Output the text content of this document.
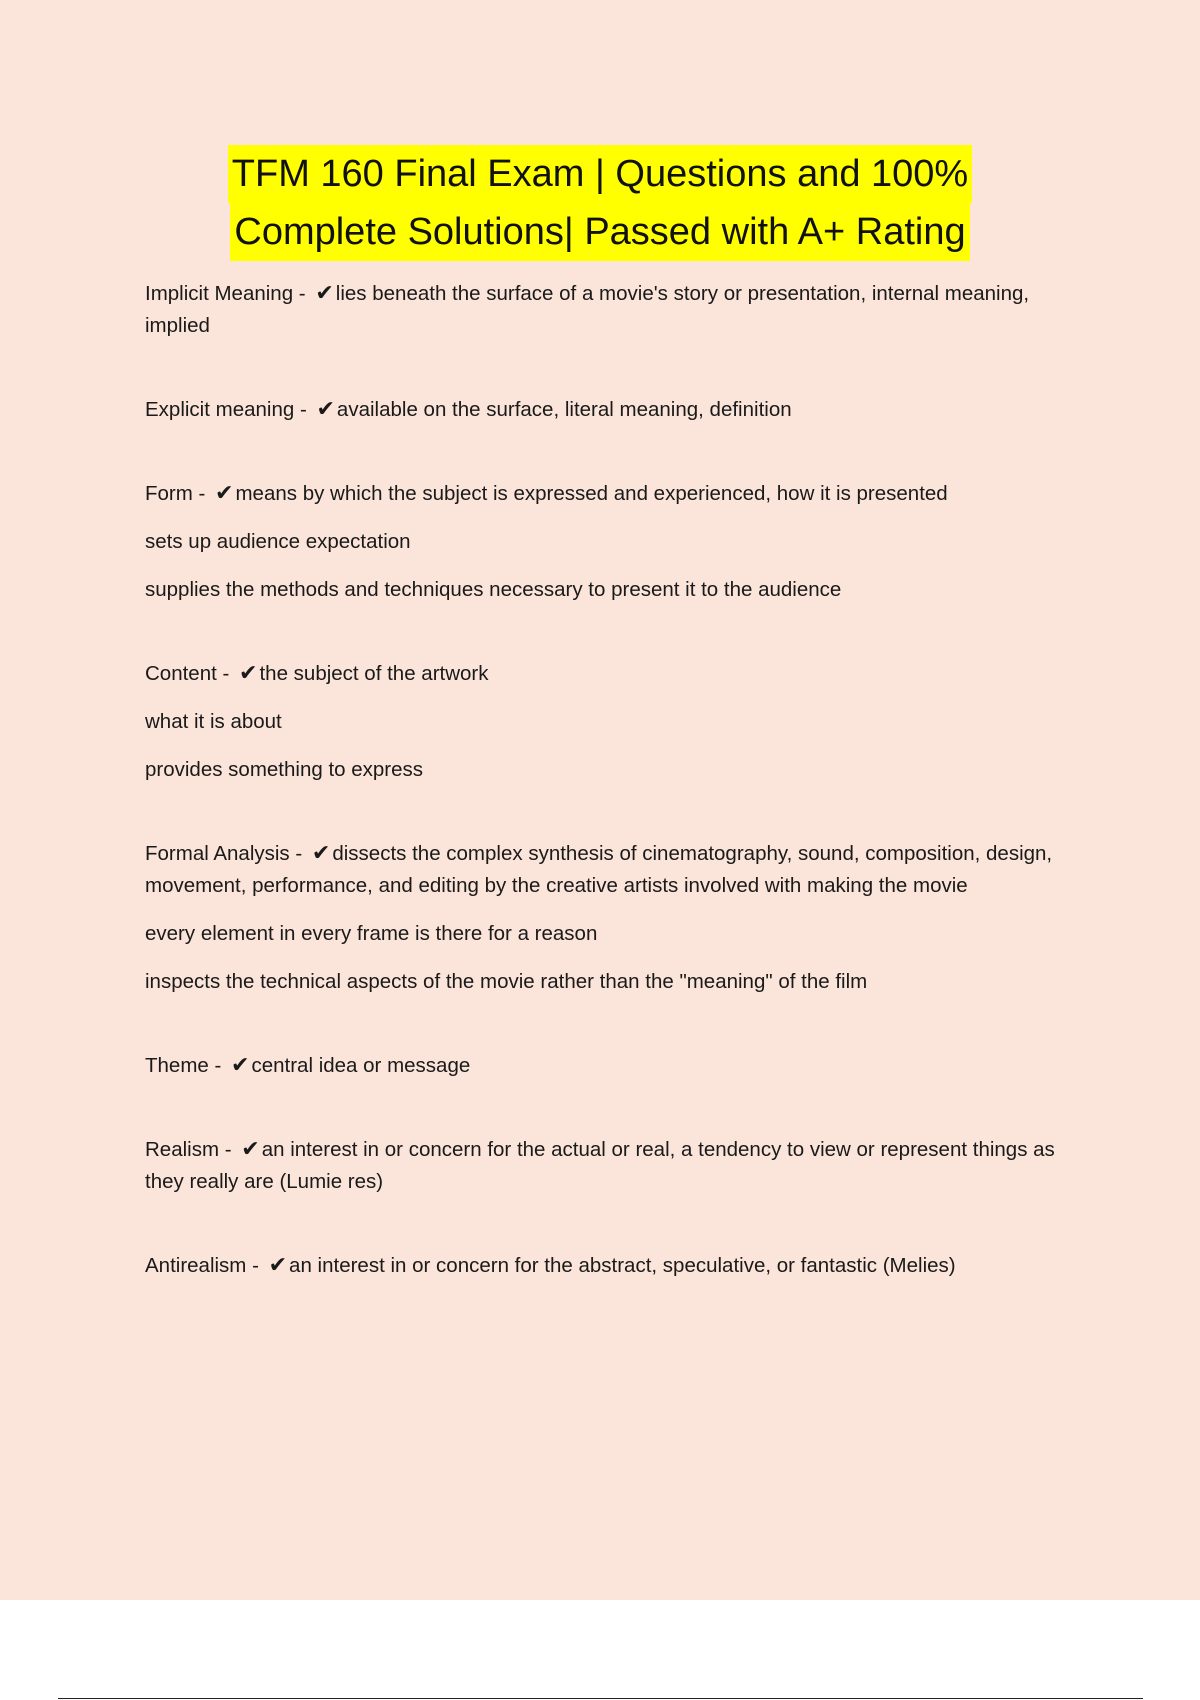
TFM 160 Final Exam | Questions and 100%
Complete Solutions| Passed with A+ Rating

Implicit Meaning - ✔lies beneath the surface of a movie's story or presentation, internal meaning, implied

Explicit meaning - ✔available on the surface, literal meaning, definition

Form - ✔means by which the subject is expressed and experienced, how it is presented

sets up audience expectation

supplies the methods and techniques necessary to present it to the audience

Content - ✔the subject of the artwork

what it is about

provides something to express

Formal Analysis - ✔dissects the complex synthesis of cinematography, sound, composition, design, movement, performance, and editing by the creative artists involved with making the movie

every element in every frame is there for a reason

inspects the technical aspects of the movie rather than the "meaning" of the film

Theme - ✔central idea or message

Realism - ✔an interest in or concern for the actual or real, a tendency to view or represent things as they really are (Lumie res)

Antirealism - ✔an interest in or concern for the abstract, speculative, or fantastic (Melies)
